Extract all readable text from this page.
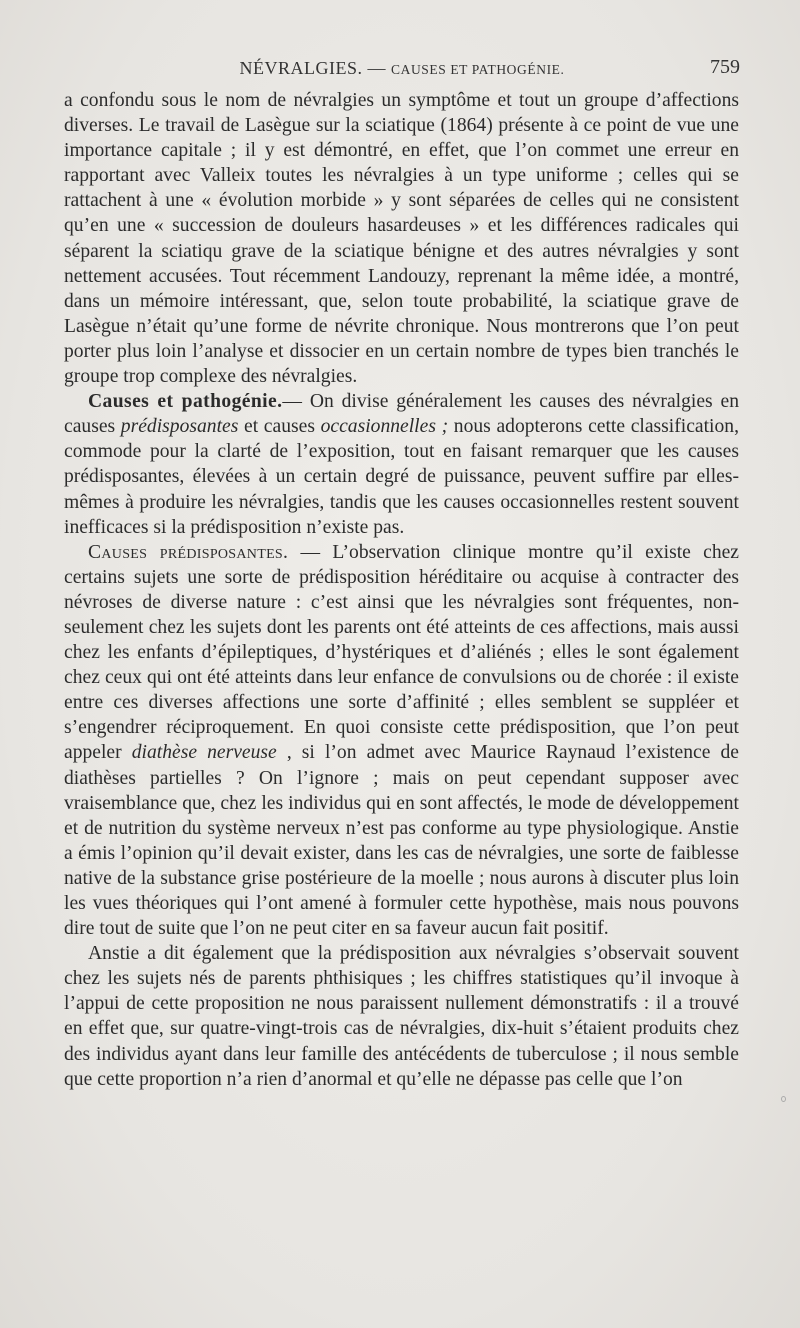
NÉVRALGIES. — CAUSES ET PATHOGÉNIE.	759

a confondu sous le nom de névralgies un symptôme et tout un groupe d’affections diverses. Le travail de Lasègue sur la sciatique (1864) présente à ce point de vue une importance capitale ; il y est démontré, en effet, que l’on commet une erreur en rapportant avec Valleix toutes les névralgies à un type uniforme ; celles qui se rattachent à une « évolution morbide » y sont séparées de celles qui ne consistent qu’en une « succession de douleurs hasardeuses » et les différences radicales qui séparent la sciatiqu grave de la sciatique bénigne et des autres névralgies y sont nettement accusées. Tout récemment Landouzy, reprenant la même idée, a montré, dans un mémoire intéressant, que, selon toute probabilité, la sciatique grave de Lasègue n’était qu’une forme de névrite chronique. Nous montrerons que l’on peut porter plus loin l’analyse et dissocier en un certain nombre de types bien tranchés le groupe trop complexe des névralgies.

Causes et pathogénie.— On divise généralement les causes des névralgies en causes prédisposantes et causes occasionnelles ; nous adopterons cette classification, commode pour la clarté de l’exposition, tout en faisant remarquer que les causes prédisposantes, élevées à un certain degré de puissance, peuvent suffire par elles-mêmes à produire les névralgies, tandis que les causes occasionnelles restent souvent inefficaces si la prédisposition n’existe pas.

Causes prédisposantes. — L’observation clinique montre qu’il existe chez certains sujets une sorte de prédisposition héréditaire ou acquise à contracter des névroses de diverse nature : c’est ainsi que les névralgies sont fréquentes, non-seulement chez les sujets dont les parents ont été atteints de ces affections, mais aussi chez les enfants d’épileptiques, d’hystériques et d’aliénés ; elles le sont également chez ceux qui ont été atteints dans leur enfance de convulsions ou de chorée : il existe entre ces diverses affections une sorte d’affinité ; elles semblent se suppléer et s’engendrer réciproquement. En quoi consiste cette prédisposition, que l’on peut appeler diathèse nerveuse , si l’on admet avec Maurice Raynaud l’existence de diathèses partielles ? On l’ignore ; mais on peut cependant supposer avec vraisemblance que, chez les individus qui en sont affectés, le mode de développement et de nutrition du système nerveux n’est pas conforme au type physiologique. Anstie a émis l’opinion qu’il devait exister, dans les cas de névralgies, une sorte de faiblesse native de la substance grise postérieure de la moelle ; nous aurons à discuter plus loin les vues théoriques qui l’ont amené à formuler cette hypothèse, mais nous pouvons dire tout de suite que l’on ne peut citer en sa faveur aucun fait positif.

Anstie a dit également que la prédisposition aux névralgies s’observait souvent chez les sujets nés de parents phthisiques ; les chiffres statistiques qu’il invoque à l’appui de cette proposition ne nous paraissent nullement démonstratifs : il a trouvé en effet que, sur quatre-vingt-trois cas de névralgies, dix-huit s’étaient produits chez des individus ayant dans leur famille des antécédents de tuberculose ; il nous semble que cette proportion n’a rien d’anormal et qu’elle ne dépasse pas celle que l’on
